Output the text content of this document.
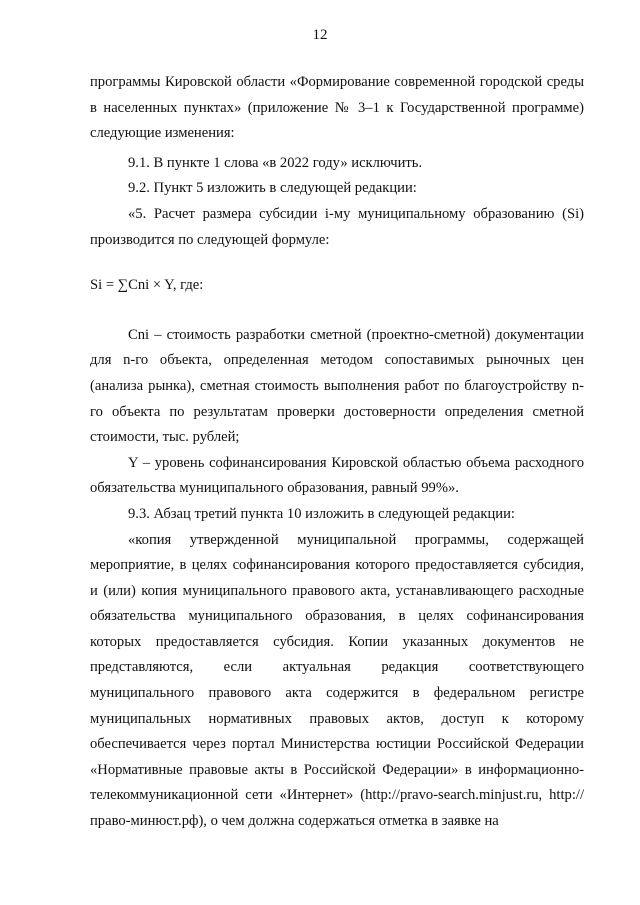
12

программы Кировской области «Формирование современной городской среды в населенных пунктах» (приложение № 3–1 к Государственной программе) следующие изменения:

9.1. В пункте 1 слова «в 2022 году» исключить.

9.2. Пункт 5 изложить в следующей редакции:

«5. Расчет размера субсидии i-му муниципальному образованию (Si) производится по следующей формуле:

Si = ∑Cni × Y, где:

Cni – стоимость разработки сметной (проектно-сметной) документации для n-го объекта, определенная методом сопоставимых рыночных цен (анализа рынка), сметная стоимость выполнения работ по благоустройству n-го объекта по результатам проверки достоверности определения сметной стоимости, тыс. рублей;

Y – уровень софинансирования Кировской областью объема расходного обязательства муниципального образования, равный 99%».

9.3. Абзац третий пункта 10 изложить в следующей редакции:

«копия утвержденной муниципальной программы, содержащей мероприятие, в целях софинансирования которого предоставляется субсидия, и (или) копия муниципального правового акта, устанавливающего расходные обязательства муниципального образования, в целях софинансирования которых предоставляется субсидия. Копии указанных документов не представляются, если актуальная редакция соответствующего муниципального правового акта содержится в федеральном регистре муниципальных нормативных правовых актов, доступ к которому обеспечивается через портал Министерства юстиции Российской Федерации «Нормативные правовые акты в Российской Федерации» в информационно-телекоммуникационной сети «Интернет» (http://pravo-search.minjust.ru, http://право-минюст.рф), о чем должна содержаться отметка в заявке на
